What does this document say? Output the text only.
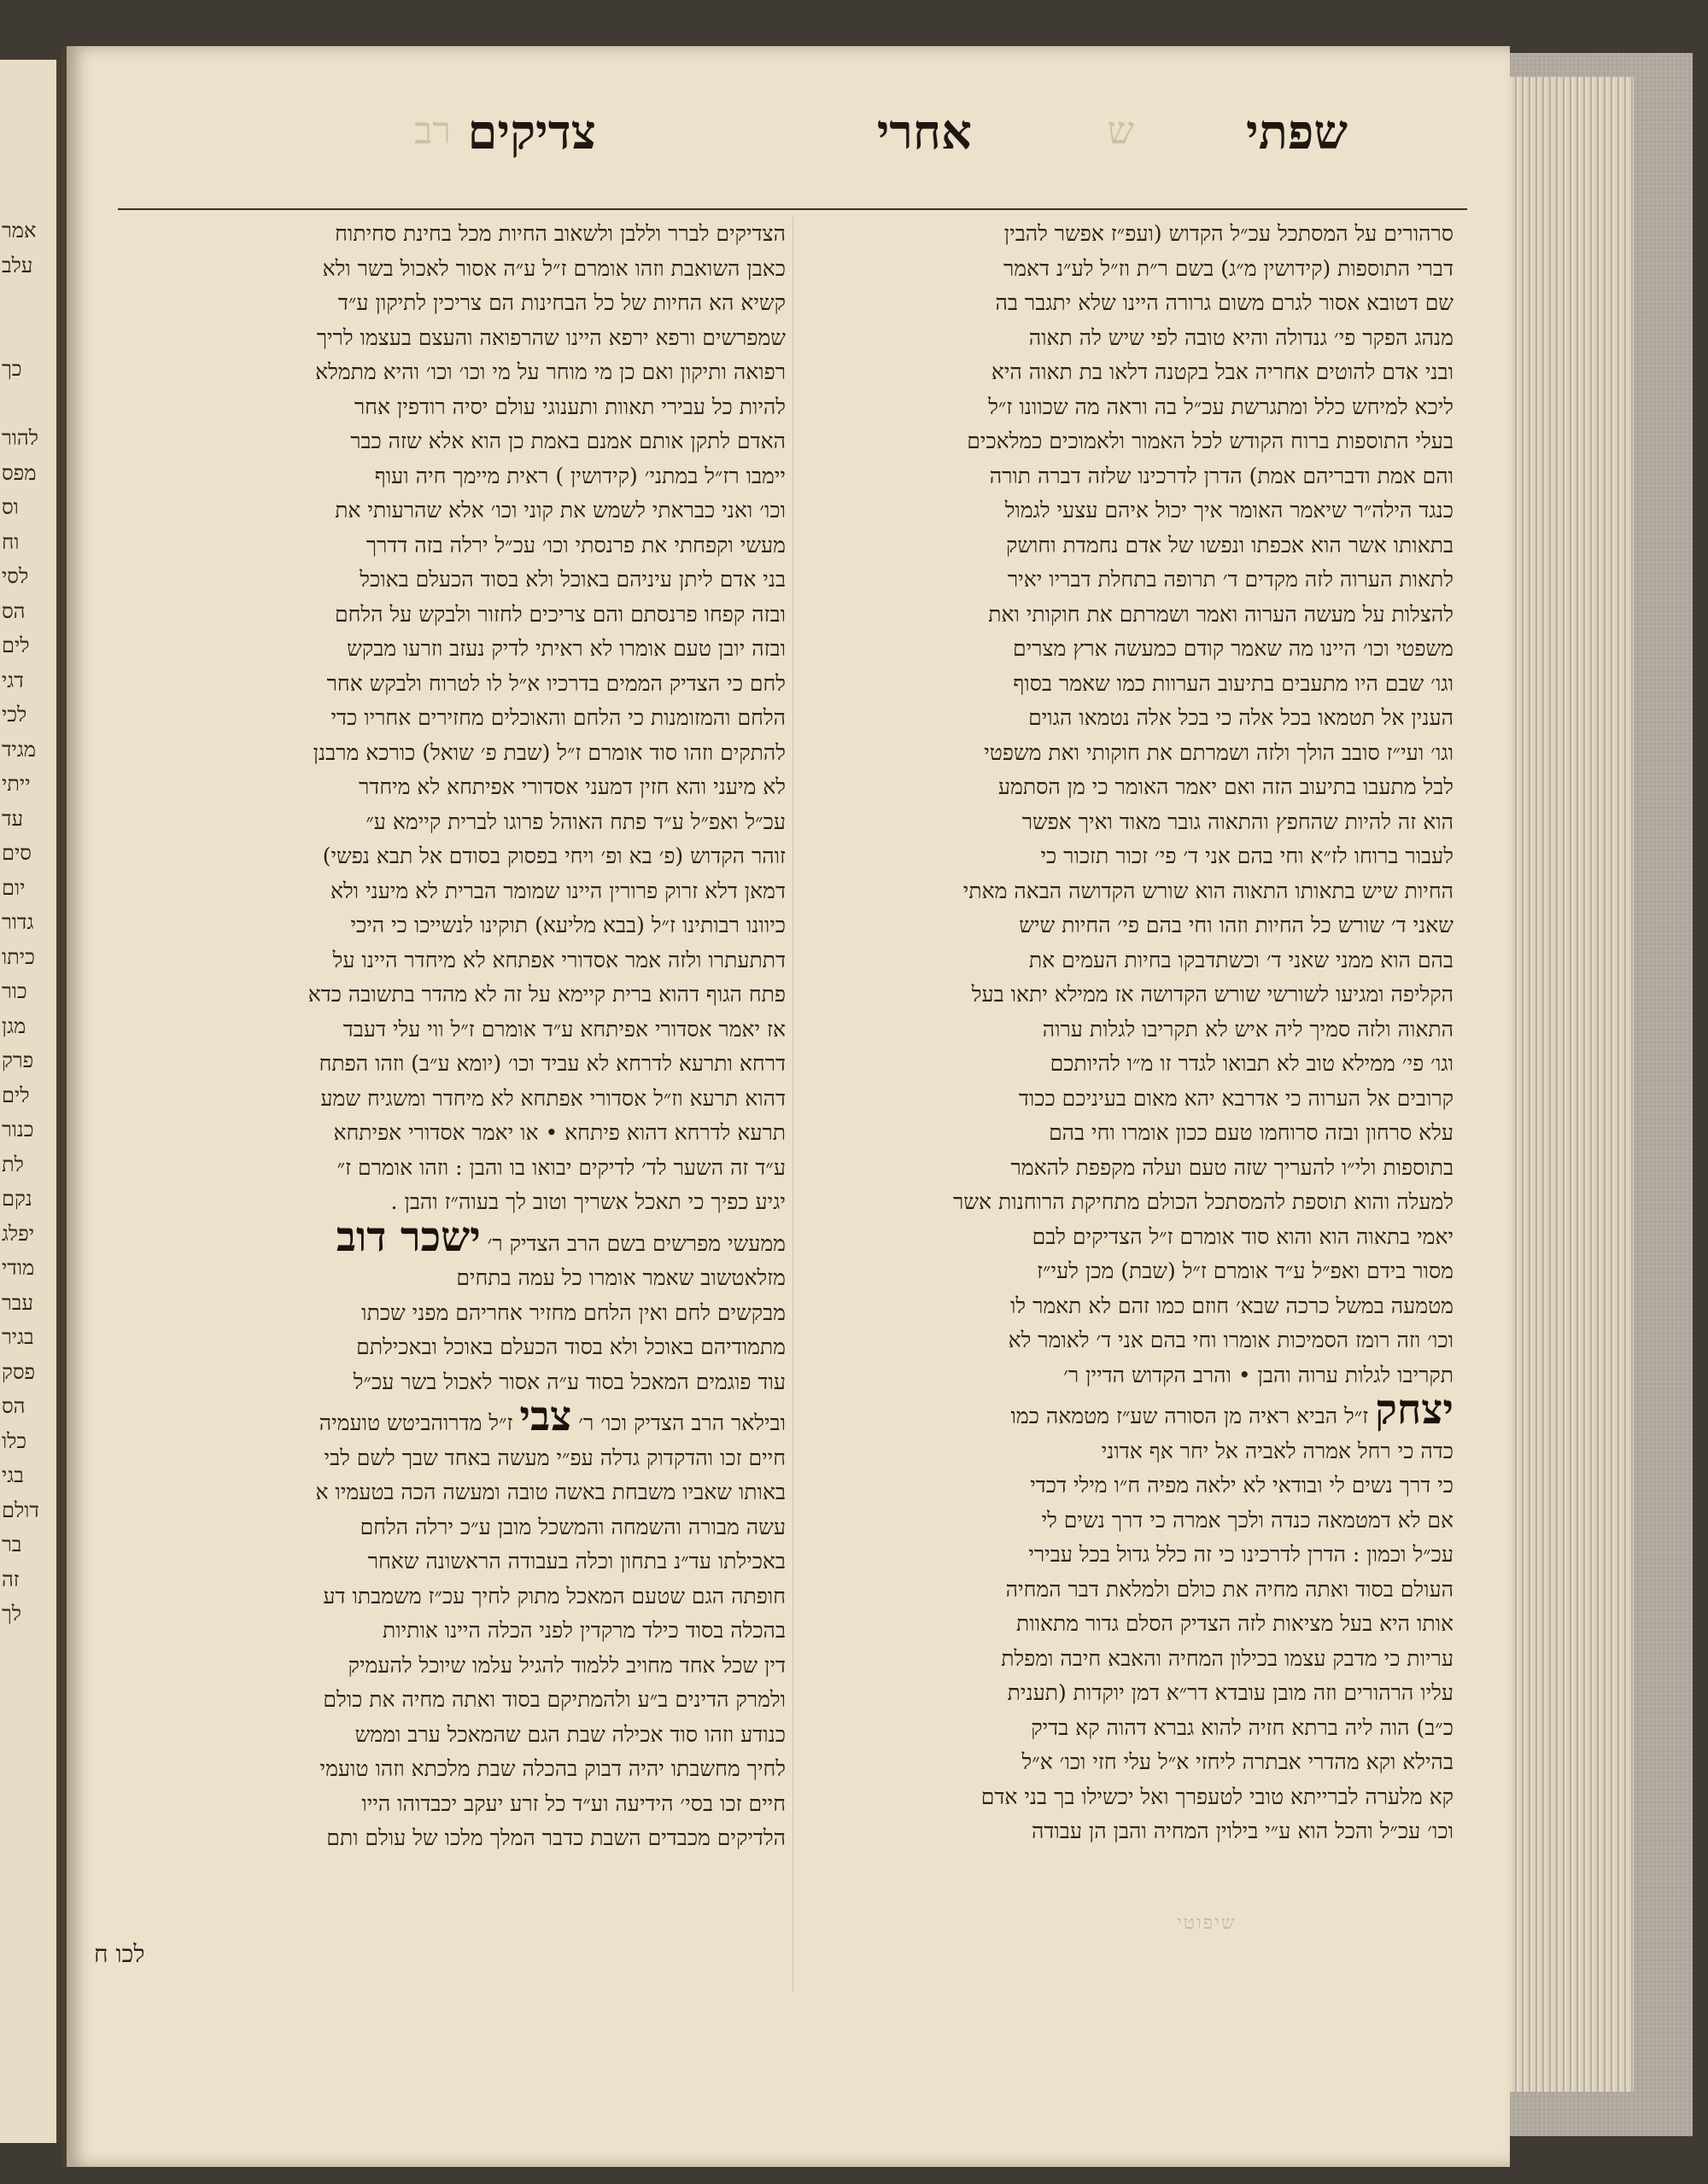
אמר
עלב

כך

להור
מפס
וס
וח
לסי
הס
לים
דגי
לכי
מגיד
ייתי
עד
סים
יום
גדור
כיתו
כור
מגן
פרק
לים
כנור
לת
נקם
יפלג
מודי
עבר
בגיר
פסק
הס
כלו
בגי
דולם
בר
זה
לך
שפתי
ש
אחרי
צדיקים
רב

סרהורים על המסתכל עכ״ל הקדוש (ועפ״ז אפשר להבין

דברי התוספות (קידושין מ״ג) בשם ר״ת וז״ל לע״נ דאמר

שם דטובא אסור לגרם משום גרורה היינו שלא יתגבר בה

מנהג הפקר פי׳ גנדולה והיא טובה לפי שיש לה תאוה

ובני אדם להוטים אחריה אבל בקטנה דלאו בת תאוה היא

ליכא למיחש כלל ומתגרשת עכ״ל בה וראה מה שכוונו ז״ל

בעלי התוספות ברוח הקודש לכל האמור ולאמוכים כמלאכים

והם אמת ודבריהם אמת) הדרן לדרכינו שלזה דברה תורה

כנגד הילה״ר שיאמר האומר איך יכול איהם עצעי לגמול

בתאותו אשר הוא אכפתו ונפשו של אדם נחמדת וחושק

לתאות הערוה לזה מקדים ד׳ תרופה בתחלת דבריו יאיר

להצלות על מעשה הערוה ואמר ושמרתם את חוקותי ואת

משפטי וכו׳ היינו מה שאמר קודם כמעשה ארץ מצרים

וגו׳ שבם היו מתעבים בתיעוב הערוות כמו שאמר בסוף

הענין אל תטמאו בכל אלה כי בכל אלה נטמאו הגוים

וגו׳ ועי״ז סובב הולך ולזה ושמרתם את חוקותי ואת משפטי

לבל מתעבו בתיעוב הזה ואם יאמר האומר כי מן הסתמע

הוא זה להיות שהחפץ והתאוה גובר מאוד ואיך אפשר

לעבור ברוחו לז״א וחי בהם אני ד׳ פי׳ זכור תזכור כי

החיות שיש בתאותו התאוה הוא שורש הקדושה הבאה מאתי

שאני ד׳ שורש כל החיות וזהו וחי בהם פי׳ החיות שיש

בהם הוא ממני שאני ד׳ וכשתדבקו בחיות העמים את

הקליפה ומגיעו לשורשי שורש הקדושה אז ממילא יתאו בעל

התאוה ולזה סמיך ליה איש לא תקריבו לגלות ערוה

וגו׳ פי׳ ממילא טוב לא תבואו לגדר זו מ״ו להיותכם

קרובים אל הערוה כי אדרבא יהא מאום בעיניכם ככוד

עלא סרחון ובזה סרוחמו טעם ככון אומרו וחי בהם

בתוספות ולי״ו להעריך שזה טעם ועלה מקפפת להאמר

למעלה והוא תוספת להמסתכל הכולם מתחיקת הרוחנות אשר

יאמי בתאוה הוא והוא סוד אומרם ז״ל הצדיקים לבם

מסור בידם ואפ״ל ע״ד אומרם ז״ל (שבת) מכן לעי״ז

מטמעה במשל כרכה שבא׳ חוזם כמו זהם לא תאמר לו

וכו׳ וזה רומז הסמיכות אומרו וחי בהם אני ד׳ לאומר לא

תקריבו לגלות ערוה והבן • והרב הקדוש הדיין ר׳

יצחק ז״ל הביא ראיה מן הסורה שע״ז מטמאה כמו

כדה כי רחל אמרה לאביה אל יחר אף אדוני

כי דרך נשים לי ובודאי לא ילאה מפיה ח״ו מילי דכדי

אם לא דמטמאה כנדה ולכך אמרה כי דרך נשים לי

עכ״ל וכמון : הדרן לדרכינו כי זה כלל גדול בכל עבירי

העולם בסוד ואתה מחיה את כולם ולמלאת דבר המחיה

אותו היא בעל מציאות לזה הצדיק הסלם גדור מתאוות

עריות כי מדבק עצמו בכילון המחיה והאבא חיבה ומפלת

עליו הרהורים וזה מובן עובדא דר״א דמן יוקדות (תענית

כ״ב) הוה ליה ברתא חזיה להוא גברא דהוה קא בדיק

בהילא וקא מהדרי אבתרה ליחזי א״ל עלי חזי וכו׳ א״ל

קא מלערה לברייתא טובי לטעפרך ואל יכשילו בך בני אדם

וכו׳ עכ״ל והכל הוא ע״י בילוין המחיה והבן הן עבודה

הצדיקים לברר וללבן ולשאוב החיות מכל בחינת סחיתוח

כאבן השואבת וזהו אומרם ז״ל ע״ה אסור לאכול בשר ולא

קשיא הא החיות של כל הבחינות הם צריכין לתיקון ע״ד

שמפרשים ורפא ירפא היינו שהרפואה והעצם בעצמו לריך

רפואה ותיקון ואם כן מי מוחר על מי וכו׳ וכו׳ והיא מתמלא

להיות כל עבירי תאוות ותענוגי עולם יסיה רודפין אחר

האדם לתקן אותם אמנם באמת כן הוא אלא שזה כבר

יימבו רז״ל במתני׳ (קידושין ) ראית מיימך חיה ועוף

וכו׳ ואני כבראתי לשמש את קוני וכו׳ אלא שהרעותי את

מעשי וקפחתי את פרנסתי וכו׳ עכ״ל ירלה בזה דדרך

בני אדם ליתן עיניהם באוכל ולא בסוד הכעלם באוכל

ובזה קפחו פרנסתם והם צריכים לחזור ולבקש על הלחם

ובזה יובן טעם אומרו לא ראיתי לדיק נעזב וזרעו מבקש

לחם כי הצדיק הממים בדרכיו א״ל לו לטרוח ולבקש אחר

הלחם והמזומנות כי הלחם והאוכלים מחזירים אחריו כדי

להתקים וזהו סוד אומרם ז״ל (שבת פ׳ שואל) כורכא מרבנן

לא מיעני והא חזין דמעני אסדורי אפיתחא לא מיחדר

עכ״ל ואפ״ל ע״ד פתח האוהל פרוגו לברית קיימא ע״

זוהר הקדוש (פ׳ בא ופ׳ ויחי בפסוק בסודם אל תבא נפשי)

דמאן דלא זרוק פרורין היינו שמומר הברית לא מיעני ולא

כיוונו רבותינו ז״ל (בבא מליעא) תוקינו לנשייכו כי היכי

דתתעתרו ולזה אמר אסדורי אפתחא לא מיחדר היינו על

פתח הגוף דהוא ברית קיימא על זה לא מהדר בתשובה כדא

אז יאמר אסדורי אפיתחא ע״ד אומרם ז״ל ווי עלי דעבד

דרחא ותרעא לדרחא לא עביד וכו׳ (יומא ע״ב) וזהו הפתח

דהוא תרעא וז״ל אסדורי אפתחא לא מיחדר ומשגיח שמע

תרעא לדרחא דהוא פיתחא • או יאמר אסדורי אפיתחא

ע״ד זה השער לד׳ לדיקים יבואו בו והבן : וזהו אומרם ז״

יגיע כפיך כי תאכל אשריך וטוב לך בעוה״ז והבן .

ממעשי מפרשים בשם הרב הצדיק ר׳ ישכר דוב

מזלאטשוב שאמר אומרו כל עמה בתחים

מבקשים לחם ואין הלחם מחזיר אחריהם מפני שכתו

מתמודיהם באוכל ולא בסוד הכעלם באוכל ובאכילתם

עוד פוגמים המאכל בסוד ע״ה אסור לאכול בשר עכ״ל

ובילאר הרב הצדיק וכו׳ ר׳ צבי ז״ל מדרוהביטש טועמיה

חיים זכו והדקדוק גדלה עפ״י מעשה באחד שבך לשם לבי

באותו שאביו משבחת באשה טובה ומעשה הכה בטעמיו א

עשה מבורה והשמחה והמשכל מובן ע״כ ירלה הלחם

באכילתו עד״נ בתחון וכלה בעבודה הראשונה שאחר

חופתה הגם שטעם המאכל מתוק לחיך עכ״ז משמבתו דע

בהכלה בסוד כילד מרקדין לפני הכלה היינו אותיות

דין שכל אחד מחויב ללמוד להגיל עלמו שיוכל להעמיק

ולמרק הדינים ב״ע ולהמתיקם בסוד ואתה מחיה את כולם

כנודע וזהו סוד אכילה שבת הגם שהמאכל ערב וממש

לחיך מחשבתו יהיה דבוק בהכלה שבת מלכתא וזהו טועמי

חיים זכו בסי׳ הידיעה וע״ד כל זרע יעקב יכבדוהו הייו

הלדיקים מכבדים השבת כדבר המלך מלכו של עולם ותם

שיפוטי
לכו ח
